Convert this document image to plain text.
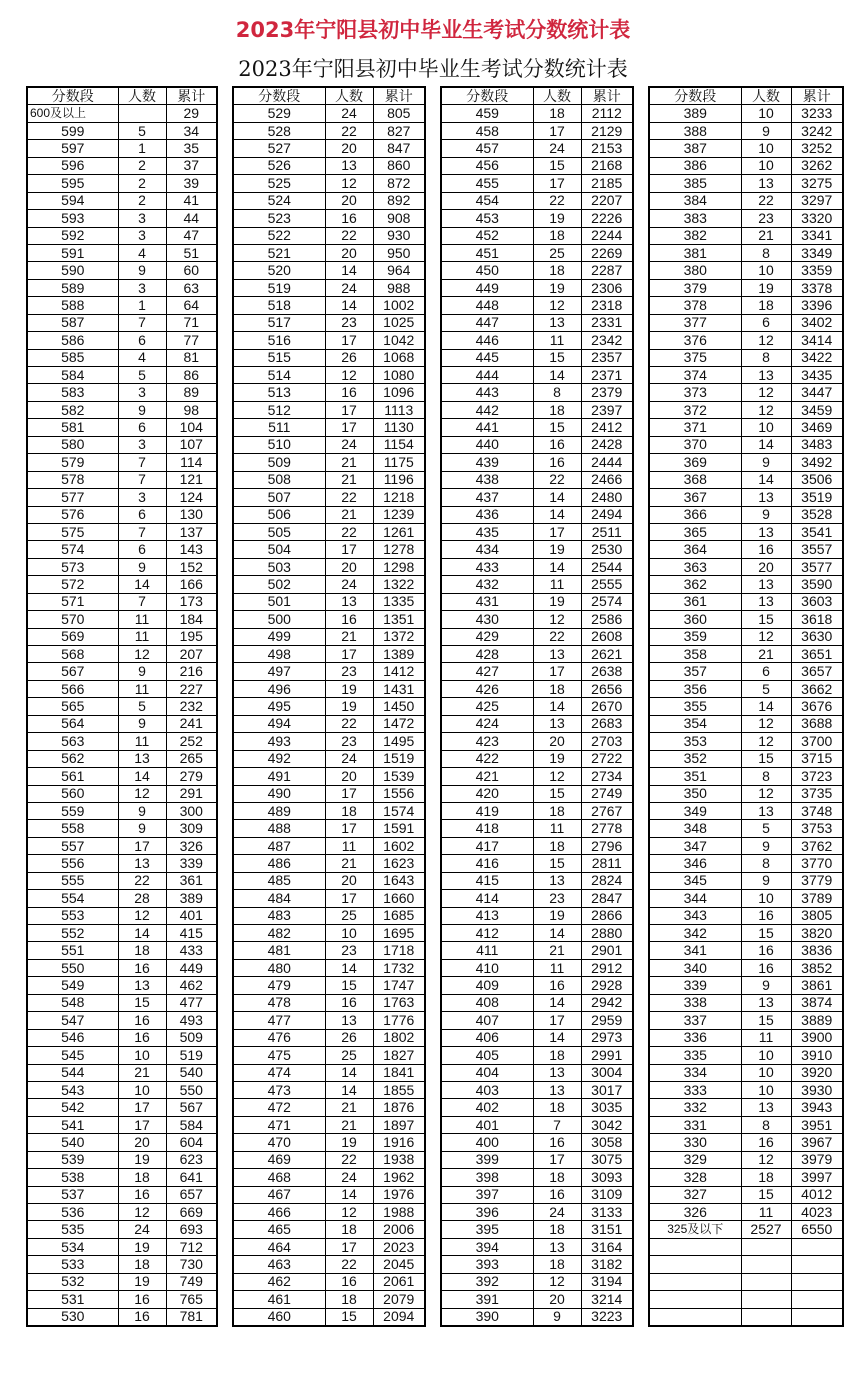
2023年宁阳县初中毕业生考试分数统计表
2023年宁阳县初中毕业生考试分数统计表
分数段	人数	累计
600及以上		29
599	5	34
597	1	35
596	2	37
595	2	39
594	2	41
593	3	44
592	3	47
591	4	51
590	9	60
589	3	63
588	1	64
587	7	71
586	6	77
585	4	81
584	5	86
583	3	89
582	9	98
581	6	104
580	3	107
579	7	114
578	7	121
577	3	124
576	6	130
575	7	137
574	6	143
573	9	152
572	14	166
571	7	173
570	11	184
569	11	195
568	12	207
567	9	216
566	11	227
565	5	232
564	9	241
563	11	252
562	13	265
561	14	279
560	12	291
559	9	300
558	9	309
557	17	326
556	13	339
555	22	361
554	28	389
553	12	401
552	14	415
551	18	433
550	16	449
549	13	462
548	15	477
547	16	493
546	16	509
545	10	519
544	21	540
543	10	550
542	17	567
541	17	584
540	20	604
539	19	623
538	18	641
537	16	657
536	12	669
535	24	693
534	19	712
533	18	730
532	19	749
531	16	765
530	16	781
分数段	人数	累计
529	24	805
528	22	827
527	20	847
526	13	860
525	12	872
524	20	892
523	16	908
522	22	930
521	20	950
520	14	964
519	24	988
518	14	1002
517	23	1025
516	17	1042
515	26	1068
514	12	1080
513	16	1096
512	17	1113
511	17	1130
510	24	1154
509	21	1175
508	21	1196
507	22	1218
506	21	1239
505	22	1261
504	17	1278
503	20	1298
502	24	1322
501	13	1335
500	16	1351
499	21	1372
498	17	1389
497	23	1412
496	19	1431
495	19	1450
494	22	1472
493	23	1495
492	24	1519
491	20	1539
490	17	1556
489	18	1574
488	17	1591
487	11	1602
486	21	1623
485	20	1643
484	17	1660
483	25	1685
482	10	1695
481	23	1718
480	14	1732
479	15	1747
478	16	1763
477	13	1776
476	26	1802
475	25	1827
474	14	1841
473	14	1855
472	21	1876
471	21	1897
470	19	1916
469	22	1938
468	24	1962
467	14	1976
466	12	1988
465	18	2006
464	17	2023
463	22	2045
462	16	2061
461	18	2079
460	15	2094
分数段	人数	累计
459	18	2112
458	17	2129
457	24	2153
456	15	2168
455	17	2185
454	22	2207
453	19	2226
452	18	2244
451	25	2269
450	18	2287
449	19	2306
448	12	2318
447	13	2331
446	11	2342
445	15	2357
444	14	2371
443	8	2379
442	18	2397
441	15	2412
440	16	2428
439	16	2444
438	22	2466
437	14	2480
436	14	2494
435	17	2511
434	19	2530
433	14	2544
432	11	2555
431	19	2574
430	12	2586
429	22	2608
428	13	2621
427	17	2638
426	18	2656
425	14	2670
424	13	2683
423	20	2703
422	19	2722
421	12	2734
420	15	2749
419	18	2767
418	11	2778
417	18	2796
416	15	2811
415	13	2824
414	23	2847
413	19	2866
412	14	2880
411	21	2901
410	11	2912
409	16	2928
408	14	2942
407	17	2959
406	14	2973
405	18	2991
404	13	3004
403	13	3017
402	18	3035
401	7	3042
400	16	3058
399	17	3075
398	18	3093
397	16	3109
396	24	3133
395	18	3151
394	13	3164
393	18	3182
392	12	3194
391	20	3214
390	9	3223
分数段	人数	累计
389	10	3233
388	9	3242
387	10	3252
386	10	3262
385	13	3275
384	22	3297
383	23	3320
382	21	3341
381	8	3349
380	10	3359
379	19	3378
378	18	3396
377	6	3402
376	12	3414
375	8	3422
374	13	3435
373	12	3447
372	12	3459
371	10	3469
370	14	3483
369	9	3492
368	14	3506
367	13	3519
366	9	3528
365	13	3541
364	16	3557
363	20	3577
362	13	3590
361	13	3603
360	15	3618
359	12	3630
358	21	3651
357	6	3657
356	5	3662
355	14	3676
354	12	3688
353	12	3700
352	15	3715
351	8	3723
350	12	3735
349	13	3748
348	5	3753
347	9	3762
346	8	3770
345	9	3779
344	10	3789
343	16	3805
342	15	3820
341	16	3836
340	16	3852
339	9	3861
338	13	3874
337	15	3889
336	11	3900
335	10	3910
334	10	3920
333	10	3930
332	13	3943
331	8	3951
330	16	3967
329	12	3979
328	18	3997
327	15	4012
326	11	4023
325及以下	2527	6550
